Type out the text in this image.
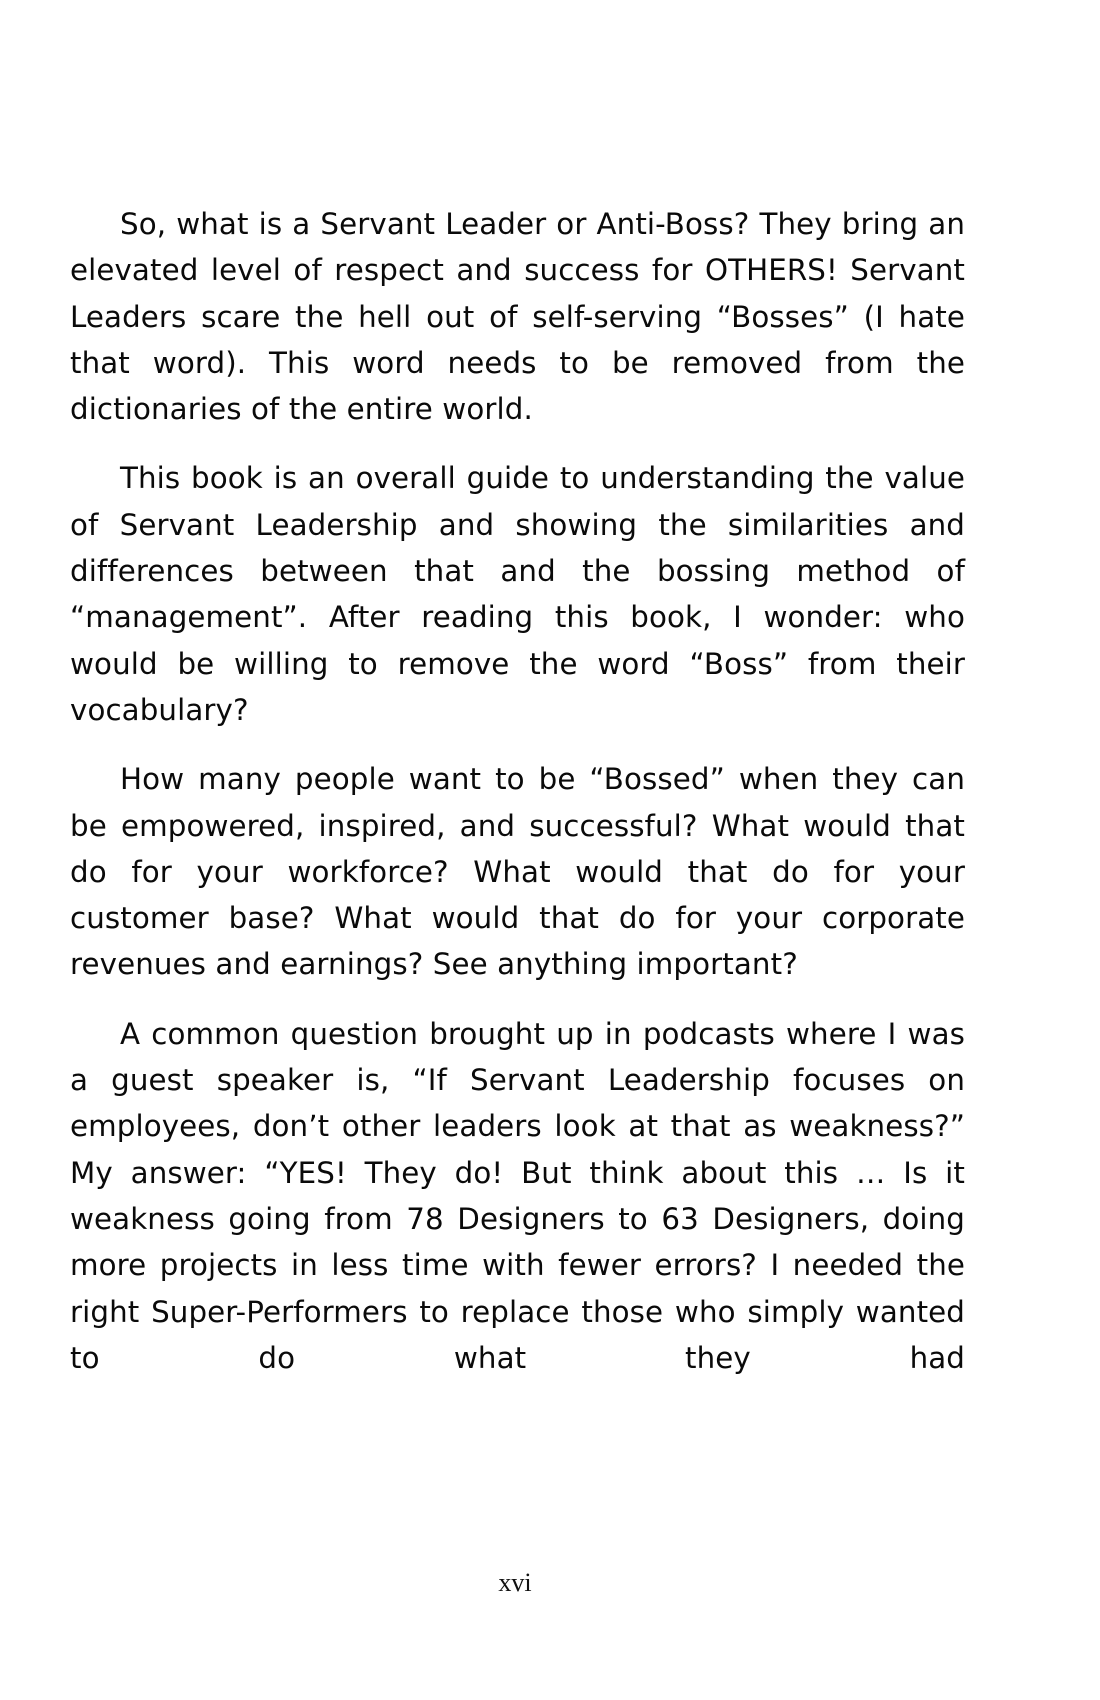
So, what is a Servant Leader or Anti-Boss? They bring an elevated level of respect and success for OTHERS! Servant Leaders scare the hell out of self-serving “Bosses” (I hate that word). This word needs to be removed from the dictionaries of the entire world.

This book is an overall guide to understanding the value of Servant Leadership and showing the similarities and differences between that and the bossing method of “management”. After reading this book, I wonder: who would be willing to remove the word “Boss” from their vocabulary?

How many people want to be “Bossed” when they can be empowered, inspired, and successful? What would that do for your workforce? What would that do for your customer base? What would that do for your corporate revenues and earnings? See anything important?

A common question brought up in podcasts where I was a guest speaker is, “If Servant Leadership focuses on employees, don’t other leaders look at that as weakness?” My answer: “YES! They do! But think about this … Is it weakness going from 78 Designers to 63 Designers, doing more projects in less time with fewer errors? I needed the right Super-Performers to replace those who simply wanted to do what they had

xvi
